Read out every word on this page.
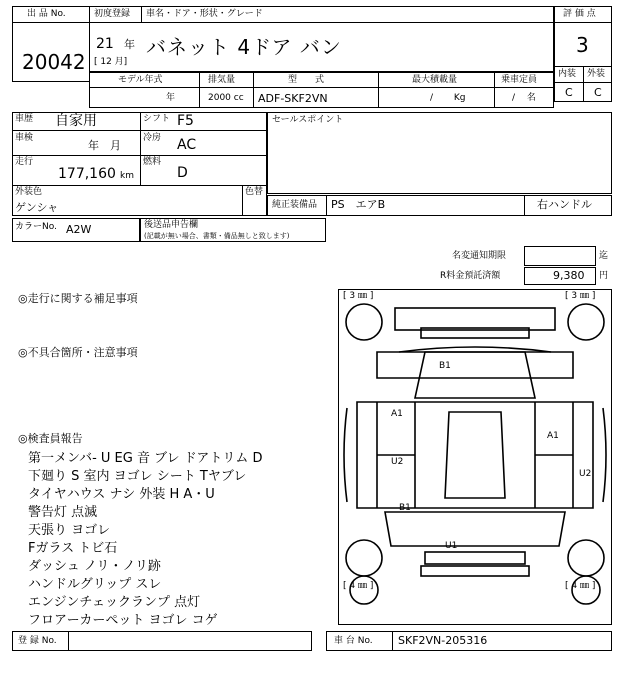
出 品 No.
20042
初度登録 車名・ドア・形状・グレード
21 年
[ 12 月]
バネット 4ドア バン
評 価 点
3
内装 外装
C C
モデル年式	排気量	型　　式	最大積載量	乗車定員
年	2000 cc ADF-SKF2VN	/ 　　Kg	/ 　名
車歴 自家用
車検
年　月
走行
177,160 km
シフト F5
冷房 AC
燃料
D
セールスポイント
外装色
ゲンシャ
色替
純正装備品 PS　エアB	右ハンドル
カラーNo. A2W	後送品申告欄
(記載が無い場合、書類・備品無しと致します)
名変通知期限	迄
R料金預託済額	9,380 円
◎走行に関する補足事項
◎不具合箇所・注意事項
◎検査員報告
第一メンバ- U EG 音 ブレ ドアトリム D
下廻り S 室内 ヨゴレ シート Tヤブレ
タイヤハウス ナシ 外装 H A・U
警告灯 点滅
天張り ヨゴレ
Fガラス トビ石
ダッシュ ノリ・ノリ跡
ハンドルグリップ スレ
エンジンチェックランプ 点灯
フロアーカーペット ヨゴレ コゲ
[ 3 ㎜ ]	[ 3 ㎜ ]
[ 4 ㎜ ]	[ 4 ㎜ ]
B1
A1
A1
U2
U2
B1
U1
登 録 No.	車 台 No. SKF2VN-205316
